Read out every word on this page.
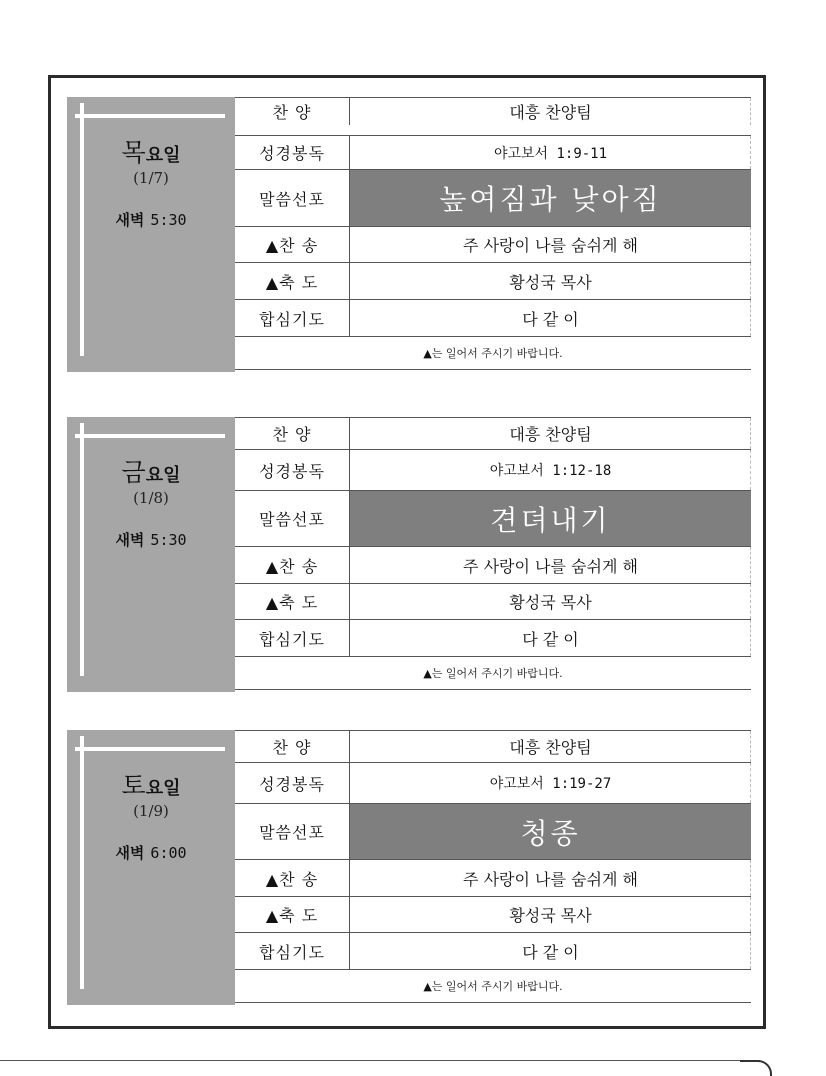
목요일
(1/7)
새벽 5:30
찬 양	대흥 찬양팀
성경봉독	야고보서 1:9-11
말씀선포	높여짐과 낮아짐
▲찬 송	주 사랑이 나를 숨쉬게 해
▲축 도	황성국 목사
합심기도	다 같 이
▲는 일어서 주시기 바랍니다.
금요일
(1/8)
새벽 5:30
찬 양	대흥 찬양팀
성경봉독	야고보서 1:12-18
말씀선포	견뎌내기
▲찬 송	주 사랑이 나를 숨쉬게 해
▲축 도	황성국 목사
합심기도	다 같 이
▲는 일어서 주시기 바랍니다.
토요일
(1/9)
새벽 6:00
찬 양	대흥 찬양팀
성경봉독	야고보서 1:19-27
말씀선포	청종
▲찬 송	주 사랑이 나를 숨쉬게 해
▲축 도	황성국 목사
합심기도	다 같 이
▲는 일어서 주시기 바랍니다.
